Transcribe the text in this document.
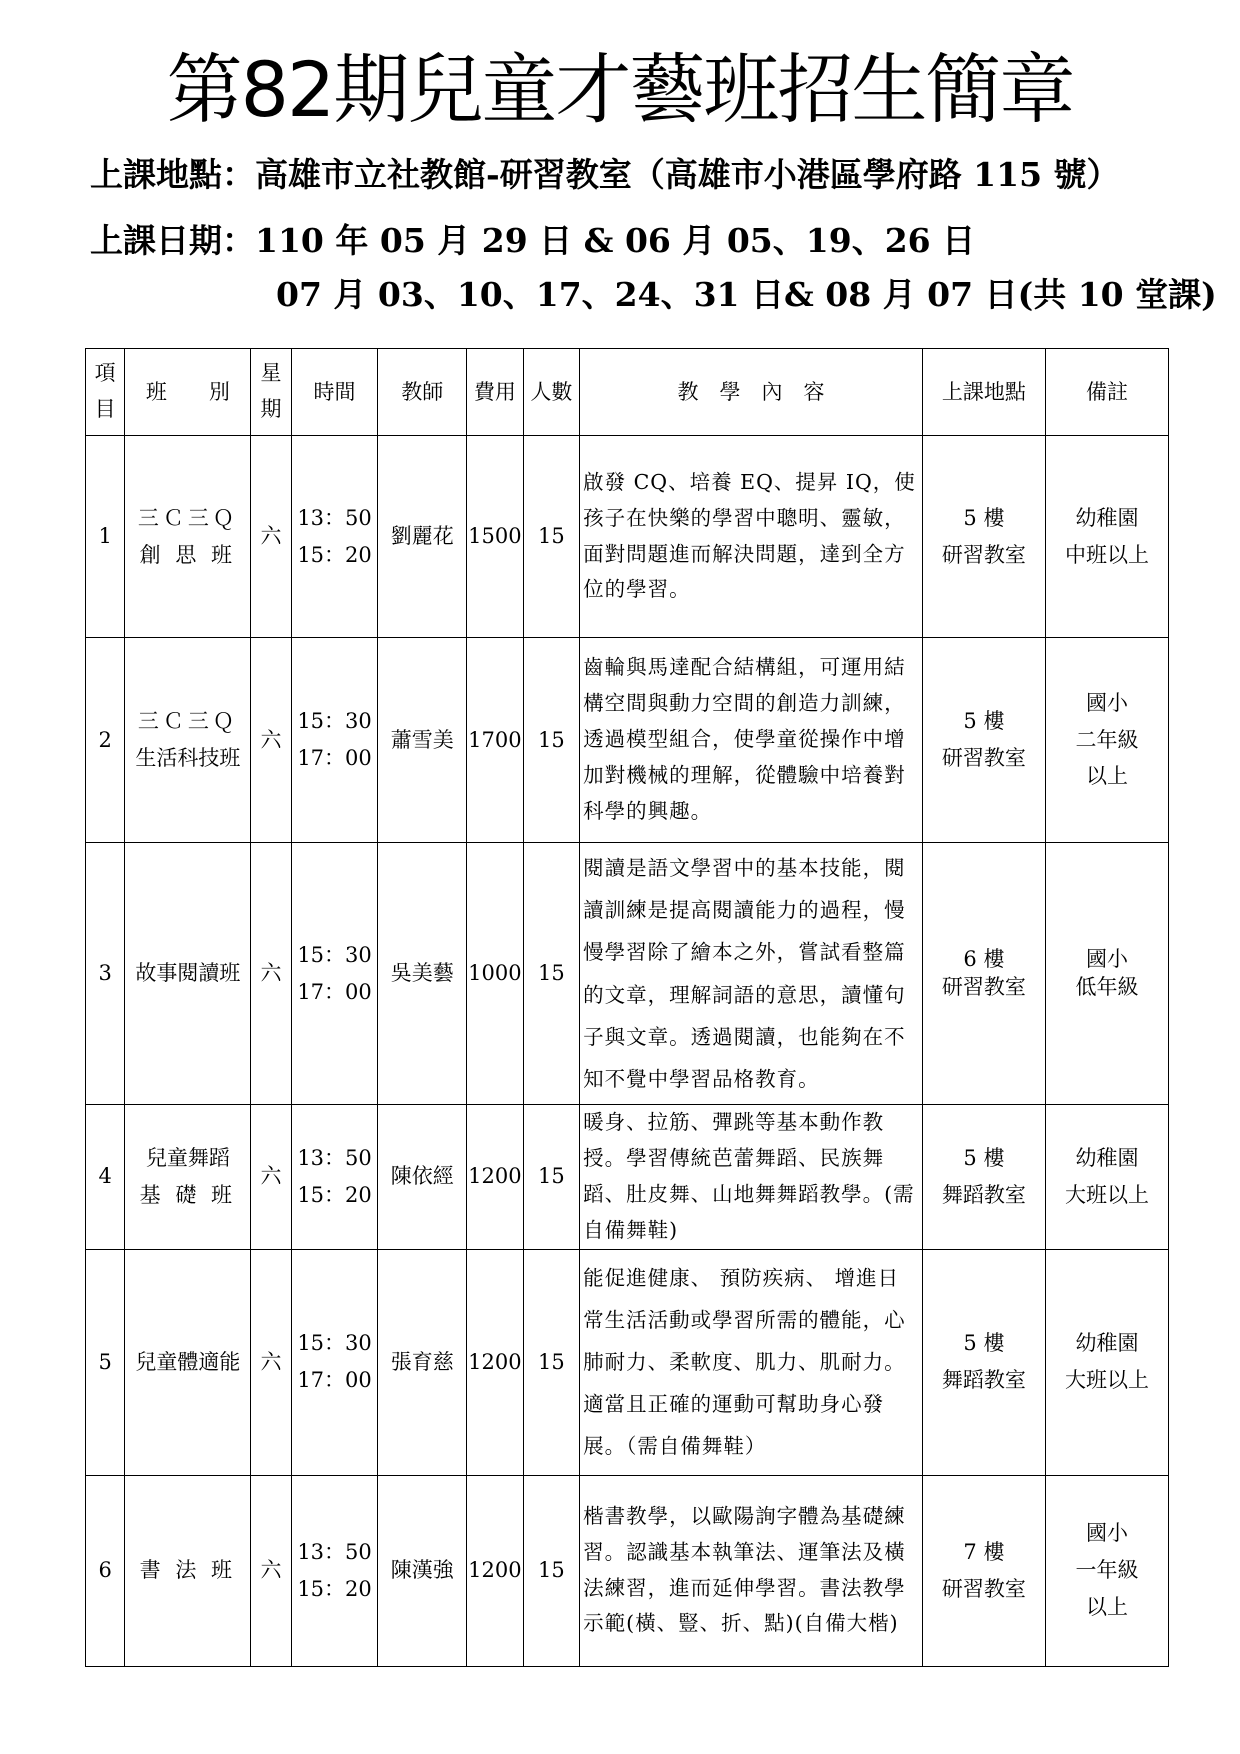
第82期兒童才藝班招生簡章
上課地點：高雄市立社教館-研習教室（高雄市小港區學府路 115 號）
上課日期：110 年 05 月 29 日 & 06 月 05、19、26 日
07 月 03、10、17、24、31 日& 08 月 07 日(共 10 堂課)
項
目	班　　別	星
期	時間	教師	費用	人數	教　學　內　容	上課地點	備註
1	三Ｃ三Ｑ
創 思 班	六	13：50
15：20	劉麗花	1500	15	啟發 CQ、培養 EQ、提昇 IQ，使孩子在快樂的學習中聰明、靈敏，面對問題進而解決問題，達到全方位的學習。	5 樓
研習教室	幼稚園
中班以上

2	三Ｃ三Ｑ
生活科技班	六	15：30
17：00	蕭雪美	1700	15	齒輪與馬達配合結構組，可運用結構空間與動力空間的創造力訓練，透過模型組合，使學童從操作中增加對機械的理解，從體驗中培養對科學的興趣。	5 樓
研習教室	國小
二年級
以上

3	故事閱讀班	六	15：30
17：00	吳美藝	1000	15	閱讀是語文學習中的基本技能，閱讀訓練是提高閱讀能力的過程，慢慢學習除了繪本之外，嘗試看整篇的文章，理解詞語的意思，讀懂句子與文章。透過閱讀，也能夠在不知不覺中學習品格教育。	6 樓
研習教室	國小
低年級

4	兒童舞蹈
基 礎 班	六	13：50
15：20	陳依經	1200	15	暖身、拉筋、彈跳等基本動作教授。學習傳統芭蕾舞蹈、民族舞蹈、肚皮舞、山地舞舞蹈教學。(需自備舞鞋)	5 樓
舞蹈教室	幼稚園
大班以上

5	兒童體適能	六	15：30
17：00	張育慈	1200	15	能促進健康、 預防疾病、 增進日常生活活動或學習所需的體能，心肺耐力、柔軟度、肌力、肌耐力。適當且正確的運動可幫助身心發展。（需自備舞鞋）	5 樓
舞蹈教室	幼稚園
大班以上

6	書 法 班	六	13：50
15：20	陳漢強	1200	15	楷書教學，以歐陽詢字體為基礎練習。認識基本執筆法、運筆法及橫法練習，進而延伸學習。書法教學示範(橫、豎、折、點)(自備大楷)	7 樓
研習教室	國小
一年級
以上
